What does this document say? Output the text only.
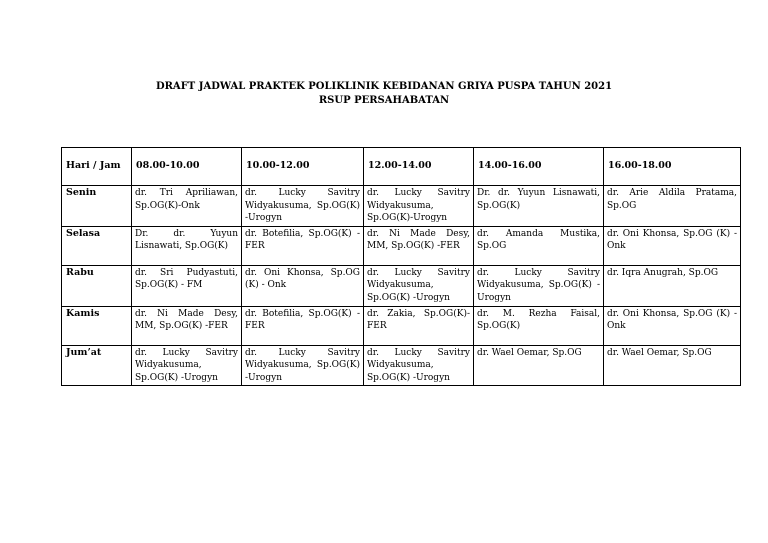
DRAFT JADWAL PRAKTEK POLIKLINIK KEBIDANAN GRIYA PUSPA TAHUN 2021
RSUP PERSAHABATAN
Hari / Jam	08.00-10.00	10.00-12.00	12.00-14.00	14.00-16.00	16.00-18.00
Senin	dr. Tri Apriliawan, Sp.OG(K)-Onk	dr. Lucky Savitry Widyakusuma, Sp.OG(K) -Urogyn	dr. Lucky Savitry Widyakusuma, Sp.OG(K)-Urogyn	Dr. dr. Yuyun Lisnawati, Sp.OG(K)	dr. Arie Aldila Pratama, Sp.OG
Selasa	Dr. dr. Yuyun Lisnawati, Sp.OG(K)	dr. Botefilia, Sp.OG(K) -FER	dr. Ni Made Desy, MM, Sp.OG(K) -FER	dr. Amanda Mustika, Sp.OG	dr. Oni Khonsa, Sp.OG (K) -Onk
Rabu	dr. Sri Pudyastuti, Sp.OG(K) - FM	dr. Oni Khonsa, Sp.OG (K) - Onk	dr. Lucky Savitry Widyakusuma, Sp.OG(K) -Urogyn	dr. Lucky Savitry Widyakusuma, Sp.OG(K) -Urogyn	dr. Iqra Anugrah, Sp.OG
Kamis	dr. Ni Made Desy, MM, Sp.OG(K) -FER	dr. Botefilia, Sp.OG(K) -FER	dr. Zakia, Sp.OG(K)-FER	dr. M. Rezha Faisal, Sp.OG(K)	dr. Oni Khonsa, Sp.OG (K) -Onk
Jum’at	dr. Lucky Savitry Widyakusuma, Sp.OG(K) -Urogyn	dr. Lucky Savitry Widyakusuma, Sp.OG(K) -Urogyn	dr. Lucky Savitry Widyakusuma, Sp.OG(K) -Urogyn	dr. Wael Oemar, Sp.OG	dr. Wael Oemar, Sp.OG
